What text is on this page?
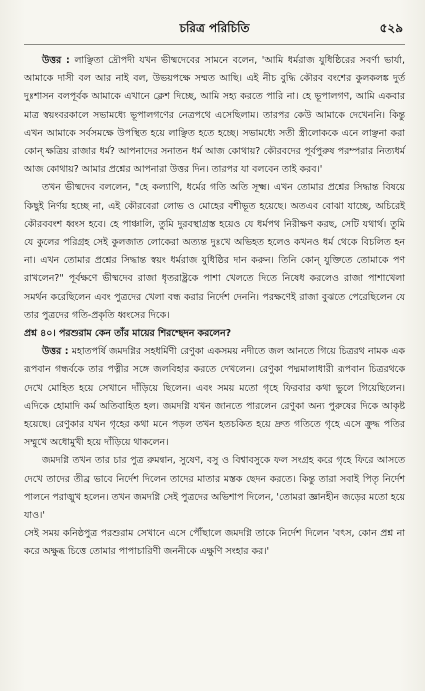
চরিত্র পরিচিতি	৫২৯

উত্তর : লাঞ্ছিতা দ্রৌপদী যখন ভীষ্মদেবের সামনে বলেন, 'আমি ধর্মরাজ যুধিষ্ঠিরের সবর্ণা ভার্যা, আমাকে দাসী বল আর নাই বল, উভয়পক্ষে সম্মত আছি। এই নীচ বুদ্ধি কৌরব বংশের কুলকলঙ্ক দুর্ত দুঃশাসন বলপূর্বক আমাকে এখানে ক্লেশ দিচ্ছে, আমি সহ্য করতে পারি না। হে ভূপালগণ, আমি একবার মাত্র স্বয়ংবরকালে সভামধ্যে ভূপালগণের নেত্রপথে এসেছিলাম। তারপর কেউ আমাকে দেখেননি। কিন্তু এখন আমাকে সর্বসমক্ষে উপস্থিত হয়ে লাঞ্ছিত হতে হচ্ছে। সভামধ্যে সতী স্ত্রীলোককে এনে লাঞ্ছনা করা কোন্ ক্ষত্রিয় রাজার ধর্ম? আপনাদের সনাতন ধর্ম আজ কোথায়? কৌরবদের পূর্বপুরুষ পরম্পরার নিত্যধর্ম আজ কোথায়? আমার প্রশ্নের আপনারা উত্তর দিন। তারপর যা বলবেন তাই করব।'

তখন ভীষ্মদেব বললেন, "হে কল্যাণি, ধর্মের গতি অতি সূক্ষ্ম। এখন তোমার প্রশ্নের সিদ্ধান্ত বিষয়ে কিছুই নির্ণয় হচ্ছে না, এই কৌরবেরা লোভ ও মোহের বশীভূত হয়েছে। অতএব বোঝা যাচ্ছে, অচিরেই কৌরববংশ ধ্বংস হবে। হে পাঞ্চালি, তুমি দুরবস্থাগ্রস্ত হয়েও যে ধর্মপথ নিরীক্ষণ করছ, সেটি যথার্থ। তুমি যে কুলের পরিগ্রহ সেই কুলজাত লোকেরা অত্যন্ত দুঃখে অভিহত হলেও কখনও ধর্ম থেকে বিচলিত হন না। এখন তোমার প্রশ্নের সিদ্ধান্ত স্বয়ং ধর্মরাজ যুধিষ্ঠির দান করুন। তিনি কোন্ যুক্তিতে তোমাকে পণ রাখলেন?" পূর্বক্ষণে ভীষ্মদেব রাজা ধৃতরাষ্ট্রকে পাশা খেলতে দিতে নিষেধ করলেও রাজা পাশাখেলা সমর্থন করেছিলেন এবং পুত্রদের খেলা বন্ধ করার নির্দেশ দেননি। পরক্ষণেই রাজা বুঝতে পেরেছিলেন যে তার পুত্রদের গতি-প্রকৃতি ধ্বংসের দিকে।

প্রশ্ন ৪০। পরশুরাম কেন তাঁর মায়ের শিরশ্ছেদন করলেন?

উত্তর : মহাতপর্ষি জমদগ্নির সহধর্মিণী রেণুকা একসময় নদীতে জল আনতে গিয়ে চিত্ররথ নামক এক রূপবান গন্ধর্বকে তার পত্নীর সঙ্গে জলবিহার করতে দেখলেন। রেণুকা পদ্মমালাধারী রূপবান চিত্ররথকে দেখে মোহিত হয়ে সেখানে দাঁড়িয়ে ছিলেন। এবং সময় মতো গৃহে ফিরবার কথা ভুলে গিয়েছিলেন। এদিকে হোমাদি কর্ম অতিবাহিত হল। জমদগ্নি যখন জানতে পারলেন রেণুকা অন্য পুরুষের দিকে আকৃষ্ট হয়েছে। রেণুকার যখন গৃহের কথা মনে পড়ল তখন হতচকিত হয়ে দ্রুত গতিতে গৃহে এসে ক্রুদ্ধ পতির সম্মুখে অধোমুখী হয়ে দাঁড়িয়ে থাকলেন।

জমদগ্নি তখন তার চার পুত্র রুমন্বান, সুষেণ, বসু ও বিশ্বাবসুকে ফল সংগ্রহ করে গৃহে ফিরে আসতে দেখে তাদের তীব্র ভাবে নির্দেশ দিলেন তাদের মাতার মস্তক ছেদন করতে। কিন্তু তারা সবাই পিতৃ নির্দেশ পালনে পরাঙ্মুখ হলেন। তখন জমদগ্নি সেই পুত্রদের অভিশাপ দিলেন, 'তোমরা জ্ঞানহীন জড়ের মতো হয়ে যাও।'

সেই সময় কনিষ্ঠপুত্র পরশুরাম সেখানে এসে পৌঁছালে জমদগ্নি তাকে নির্দেশ দিলেন 'বৎস, কোন প্রশ্ন না করে অক্ষুব্ধ চিত্তে তোমার পাপাচারিণী জননীকে এক্ষুণি সংহার কর।'
